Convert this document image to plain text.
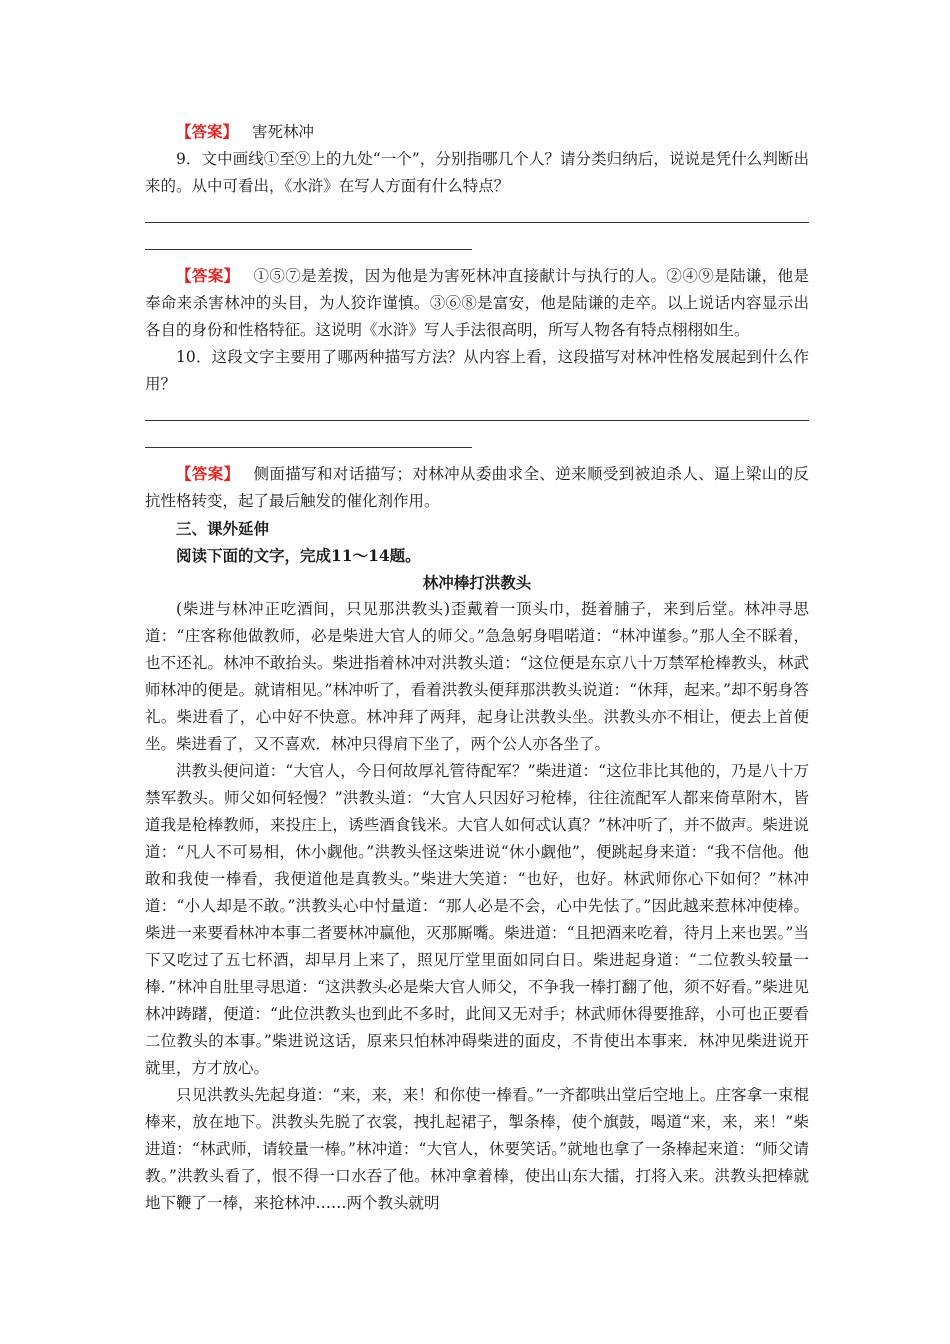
【答案】 害死林冲

9．文中画线①至⑨上的九处“一个”，分别指哪几个人？请分类归纳后，说说是凭什么判断出来的。从中可看出，《水浒》在写人方面有什么特点？

【答案】 ①⑤⑦是差拨，因为他是为害死林冲直接献计与执行的人。②④⑨是陆谦，他是奉命来杀害林冲的头目，为人狡诈谨慎。③⑥⑧是富安，他是陆谦的走卒。以上说话内容显示出各自的身份和性格特征。这说明《水浒》写人手法很高明，所写人物各有特点栩栩如生。

10．这段文字主要用了哪两种描写方法？从内容上看，这段描写对林冲性格发展起到什么作用？

【答案】 侧面描写和对话描写；对林冲从委曲求全、逆来顺受到被迫杀人、逼上梁山的反抗性格转变，起了最后触发的催化剂作用。

三、课外延伸

阅读下面的文字，完成11～14题。

林冲棒打洪教头

(柴进与林冲正吃酒间，只见那洪教头)歪戴着一顶头巾，挺着脯子，来到后堂。林冲寻思道：“庄客称他做教师，必是柴进大官人的师父。”急急躬身唱喏道：“林冲谨参。”那人全不睬着，也不还礼。林冲不敢抬头。柴进指着林冲对洪教头道：“这位便是东京八十万禁军枪棒教头，林武师林冲的便是。就请相见。”林冲听了，看着洪教头便拜那洪教头说道：“休拜，起来。”却不躬身答礼。柴进看了，心中好不快意。林冲拜了两拜，起身让洪教头坐。洪教头亦不相让，便去上首便坐。柴进看了，又不喜欢．林冲只得肩下坐了，两个公人亦各坐了。

洪教头便问道：“大官人，今日何故厚礼管待配军？”柴进道：“这位非比其他的，乃是八十万禁军教头。师父如何轻慢？”洪教头道：“大官人只因好习枪棒，往往流配军人都来倚草附木，皆道我是枪棒教师，来投庄上，诱些酒食钱米。大官人如何忒认真？”林冲听了，并不做声。柴进说道：“凡人不可易相，休小觑他。”洪教头怪这柴进说“休小觑他”，便跳起身来道：“我不信他。他敢和我使一棒看，我便道他是真教头。”柴进大笑道：“也好，也好。林武师你心下如何？”林冲道：“小人却是不敢。”洪教头心中忖量道：“那人必是不会，心中先怯了。”因此越来惹林冲使棒。柴进一来要看林冲本事二者要林冲赢他，灭那厮嘴。柴进道：“且把酒来吃着，待月上来也罢。”当下又吃过了五七杯酒，却早月上来了，照见厅堂里面如同白日。柴进起身道：“二位教头较量一棒．”林冲自肚里寻思道：“这洪教头必是柴大官人师父，不争我一棒打翻了他，须不好看。”柴进见林冲踌躇，便道：“此位洪教头也到此不多时，此间又无对手；林武师休得要推辞，小可也正要看二位教头的本事。”柴进说这话，原来只怕林冲碍柴进的面皮，不肯使出本事来．林冲见柴进说开就里，方才放心。

只见洪教头先起身道：“来，来，来！和你使一棒看。”一齐都哄出堂后空地上。庄客拿一束棍棒来，放在地下。洪教头先脱了衣裳，拽扎起裙子，掣条棒，使个旗鼓，喝道“来，来，来！”柴进道：“林武师，请较量一棒。”林冲道：“大官人，休要笑话。”就地也拿了一条棒起来道：“师父请教。”洪教头看了，恨不得一口水吞了他。林冲拿着棒，使出山东大擂，打将入来。洪教头把棒就地下鞭了一棒，来抢林冲……两个教头就明
